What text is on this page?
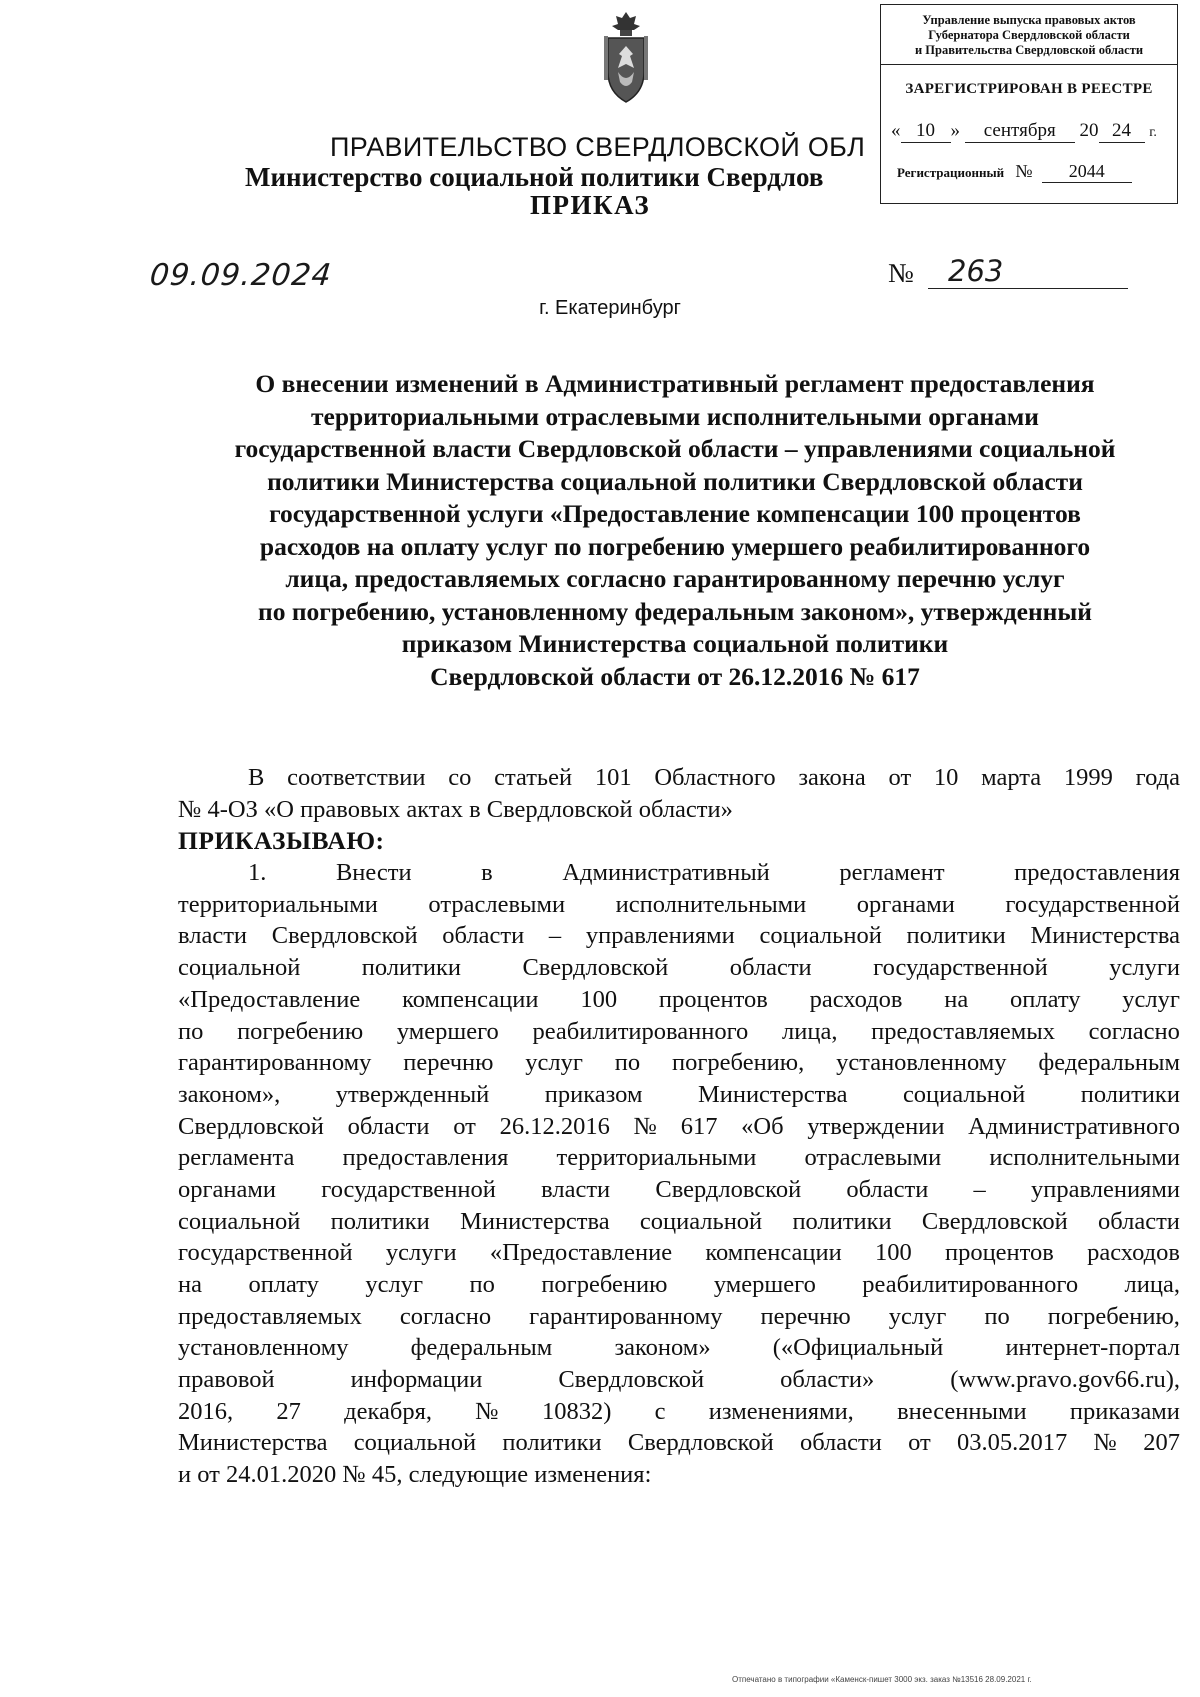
ПРАВИТЕЛЬСТВО СВЕРДЛОВСКОЙ ОБЛ
Министерство социальной политики Свердлов
ПРИКАЗ
Управление выпуска правовых актов
Губернатора Свердловской области
и Правительства Свердловской области
ЗАРЕГИСТРИРОВАН В РЕЕСТРЕ
« 10 » сентября 20 24 г.
Регистрационный № 2044
09.09.2024	№	263
г. Екатеринбург
О внесении изменений в Административный регламент предоставления
территориальными отраслевыми исполнительными органами
государственной власти Свердловской области – управлениями социальной
политики Министерства социальной политики Свердловской области
государственной услуги «Предоставление компенсации 100 процентов
расходов на оплату услуг по погребению умершего реабилитированного
лица, предоставляемых согласно гарантированному перечню услуг
по погребению, установленному федеральным законом», утвержденный
приказом Министерства социальной политики
Свердловской области от 26.12.2016 № 617
В соответствии со статьей 101 Областного закона от 10 марта 1999 года
№ 4-ОЗ «О правовых актах в Свердловской области»
ПРИКАЗЫВАЮ:
1.	Внести	в	Административный	регламент	предоставления
территориальными отраслевыми исполнительными органами государственной
власти Свердловской области – управлениями социальной политики Министерства
социальной	политики	Свердловской	области	государственной	услуги
«Предоставление компенсации 100 процентов расходов на оплату услуг
по погребению умершего реабилитированного лица, предоставляемых согласно
гарантированному перечню услуг по погребению, установленному федеральным
законом», утвержденный приказом Министерства социальной политики
Свердловской области от 26.12.2016 № 617 «Об утверждении Административного
регламента предоставления территориальными отраслевыми исполнительными
органами государственной власти Свердловской области – управлениями
социальной политики Министерства социальной политики Свердловской области
государственной услуги «Предоставление компенсации 100 процентов расходов
на оплату услуг по погребению умершего реабилитированного лица,
предоставляемых согласно гарантированному перечню услуг по погребению,
установленному	федеральным	законом»	(«Официальный	интернет-портал
правовой	информации	Свердловской	области»	(www.pravo.gov66.ru),
2016, 27 декабря, № 10832) с изменениями, внесенными приказами
Министерства социальной политики Свердловской области от 03.05.2017 № 207
и от 24.01.2020 № 45, следующие изменения:
Отпечатано в типографии «Каменск-пишет 3000 экз. заказ №13516 28.09.2021 г.
